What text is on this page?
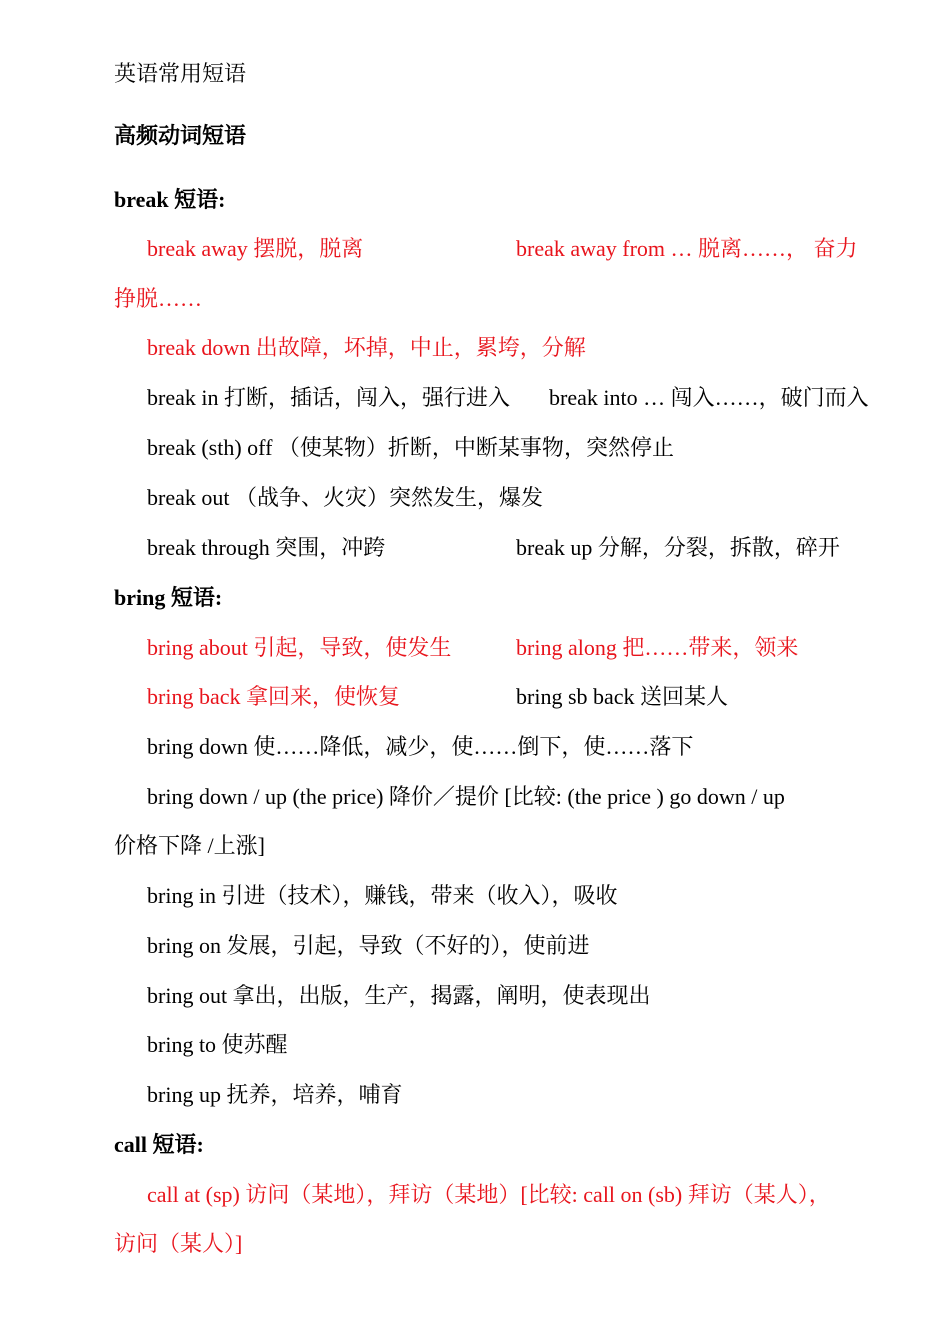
英语常用短语
高频动词短语
break 短语:
break away 摆脱，脱离	break away from … 脱离……， 奋力
挣脱……
break down 出故障，坏掉，中止，累垮，分解
break in 打断，插话，闯入，强行进入 break into … 闯入……，破门而入
break (sth) off （使某物）折断，中断某事物，突然停止
break out （战争、火灾）突然发生，爆发
break through 突围，冲跨	break up 分解，分裂，拆散，碎开
bring 短语:
bring about 引起，导致，使发生	bring along 把……带来，领来
bring back 拿回来，使恢复	bring sb back 送回某人
bring down 使……降低，减少，使……倒下，使……落下
bring down / up (the price) 降价／提价 [比较: (the price ) go down / up
价格下降 /上涨]
bring in 引进（技术），赚钱，带来（收入），吸收
bring on 发展，引起，导致（不好的），使前进
bring out 拿出，出版，生产，揭露，阐明，使表现出
bring to 使苏醒
bring up 抚养，培养，哺育
call 短语:
call at (sp) 访问（某地），拜访（某地）[比较: call on (sb) 拜访（某人），
访问（某人）]
